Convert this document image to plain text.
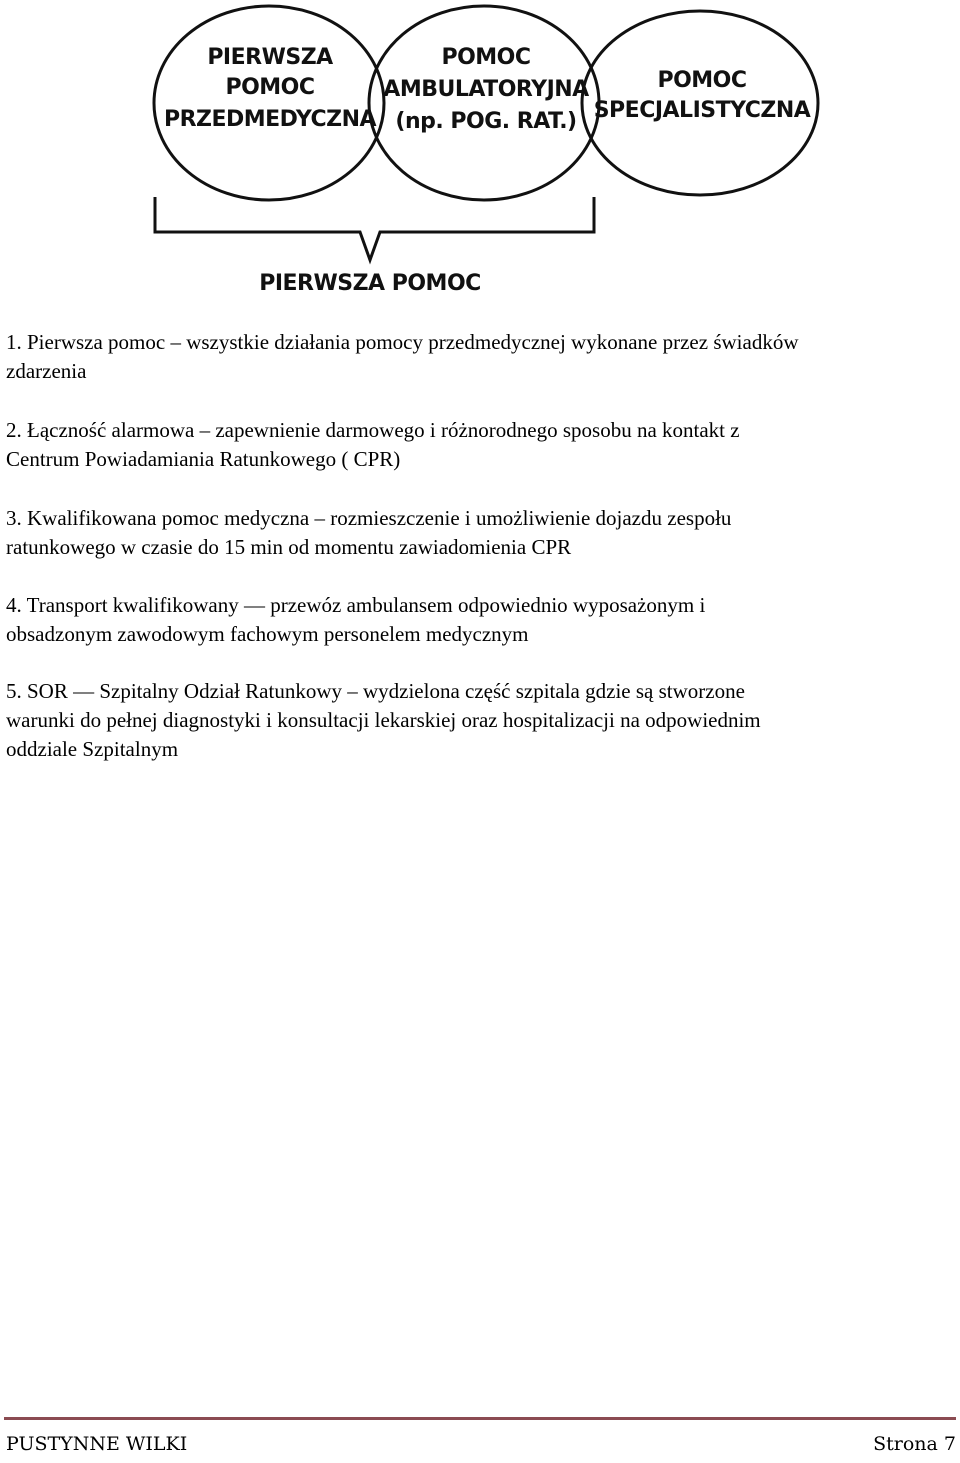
PIERWSZA
POMOC
PRZEDMEDYCZNA
POMOC
AMBULATORYJNA
(np. POG. RAT.)
POMOC
SPECJALISTYCZNA
PIERWSZA POMOC
1. Pierwsza pomoc – wszystkie działania pomocy przedmedycznej wykonane przez świadków
zdarzenia
2. Łączność alarmowa – zapewnienie darmowego i różnorodnego sposobu na kontakt z
Centrum Powiadamiania Ratunkowego ( CPR)
3. Kwalifikowana pomoc medyczna – rozmieszczenie i umożliwienie dojazdu zespołu
ratunkowego w czasie do 15 min od momentu zawiadomienia CPR
4. Transport kwalifikowany — przewóz ambulansem odpowiednio wyposażonym i
obsadzonym zawodowym fachowym personelem medycznym
5. SOR — Szpitalny Odział Ratunkowy – wydzielona część szpitala gdzie są stworzone
warunki do pełnej diagnostyki i konsultacji lekarskiej oraz hospitalizacji na odpowiednim
oddziale Szpitalnym
PUSTYNNE WILKI	Strona 7
